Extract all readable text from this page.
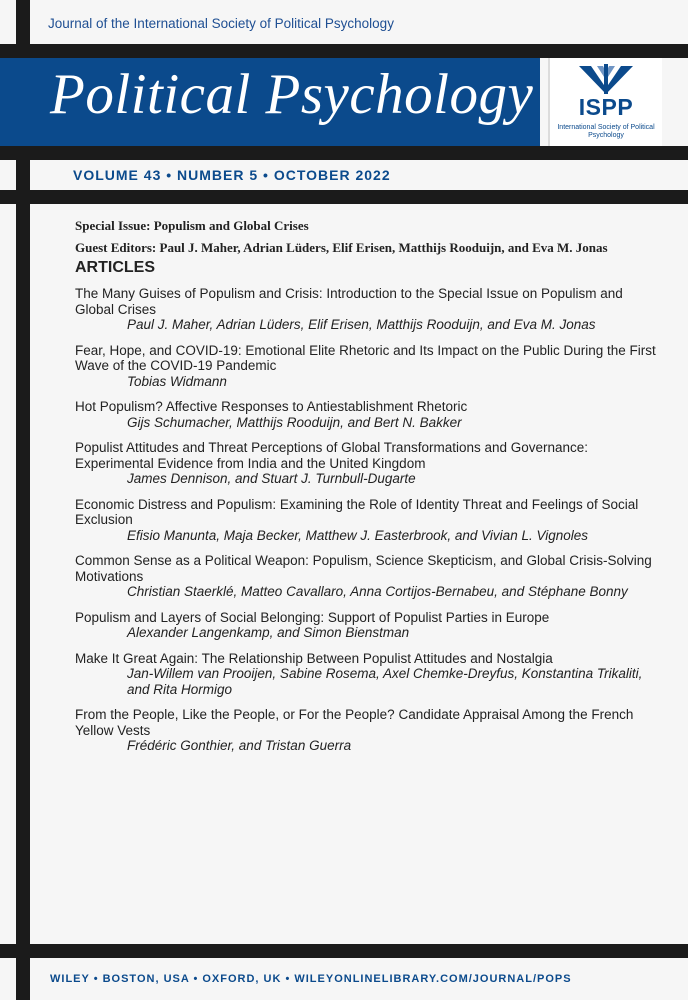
Journal of the International Society of Political Psychology
Political Psychology	ISPP
International Society of Political Psychology
VOLUME 43 • NUMBER 5 • OCTOBER 2022
Special Issue: Populism and Global Crises
Guest Editors: Paul J. Maher, Adrian Lüders, Elif Erisen, Matthijs Rooduijn, and Eva M. Jonas
ARTICLES
The Many Guises of Populism and Crisis: Introduction to the Special Issue on Populism and Global Crises
Paul J. Maher, Adrian Lüders, Elif Erisen, Matthijs Rooduijn, and Eva M. Jonas
Fear, Hope, and COVID-19: Emotional Elite Rhetoric and Its Impact on the Public During the First Wave of the COVID-19 Pandemic
Tobias Widmann
Hot Populism? Affective Responses to Antiestablishment Rhetoric
Gijs Schumacher, Matthijs Rooduijn, and Bert N. Bakker
Populist Attitudes and Threat Perceptions of Global Transformations and Governance: Experimental Evidence from India and the United Kingdom
James Dennison, and Stuart J. Turnbull-Dugarte
Economic Distress and Populism: Examining the Role of Identity Threat and Feelings of Social Exclusion
Efisio Manunta, Maja Becker, Matthew J. Easterbrook, and Vivian L. Vignoles
Common Sense as a Political Weapon: Populism, Science Skepticism, and Global Crisis-Solving Motivations
Christian Staerklé, Matteo Cavallaro, Anna Cortijos-Bernabeu, and Stéphane Bonny
Populism and Layers of Social Belonging: Support of Populist Parties in Europe
Alexander Langenkamp, and Simon Bienstman
Make It Great Again: The Relationship Between Populist Attitudes and Nostalgia
Jan-Willem van Prooijen, Sabine Rosema, Axel Chemke-Dreyfus, Konstantina Trikaliti, and Rita Hormigo
From the People, Like the People, or For the People? Candidate Appraisal Among the French Yellow Vests
Frédéric Gonthier, and Tristan Guerra
WILEY • BOSTON, USA • OXFORD, UK • WILEYONLINELIBRARY.COM/JOURNAL/POPS
